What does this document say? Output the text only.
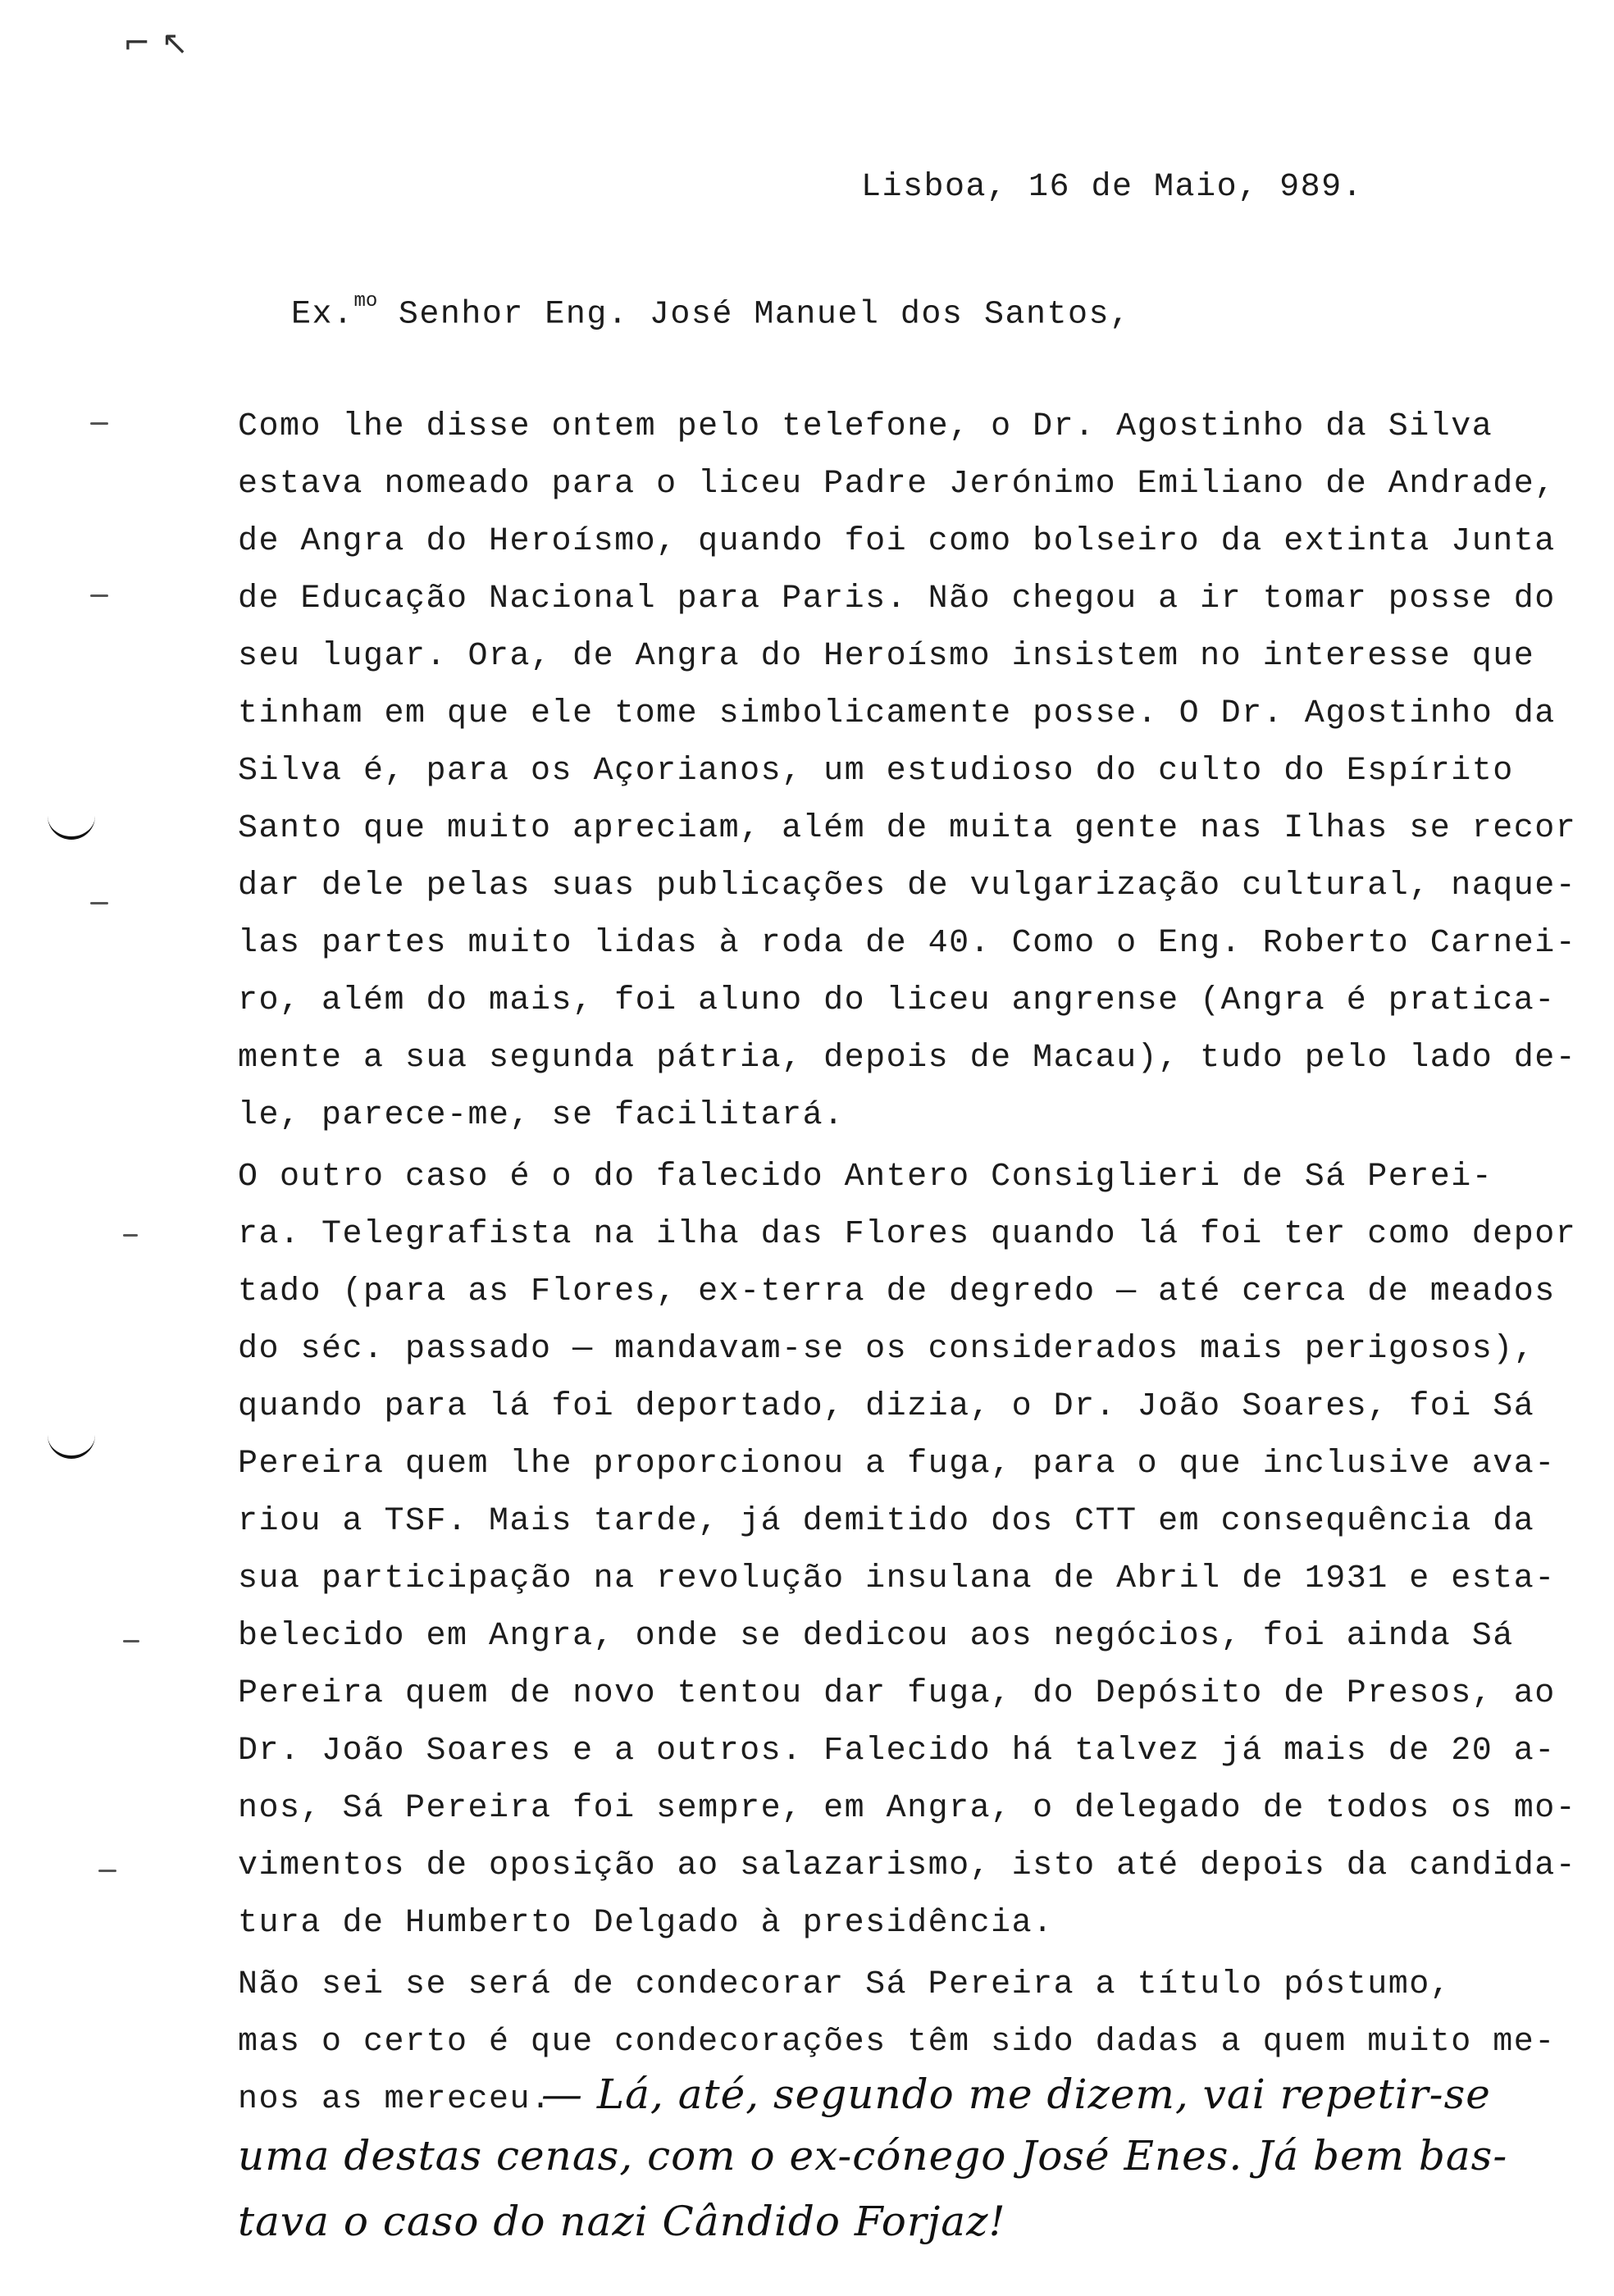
⌐ ↖
Lisboa, 16 de Maio, 989.
Ex.$^{mo}$ Senhor Eng. José Manuel dos Santos,
Como lhe disse ontem pelo telefone, o Dr. Agostinho da Silva
estava nomeado para o liceu Padre Jerónimo Emiliano de Andrade,
de Angra do Heroísmo, quando foi como bolseiro da extinta Junta
de Educação Nacional para Paris. Não chegou a ir tomar posse do
seu lugar. Ora, de Angra do Heroísmo insistem no interesse que
tinham em que ele tome simbolicamente posse. O Dr. Agostinho da
Silva é, para os Açorianos, um estudioso do culto do Espírito
Santo que muito apreciam, além de muita gente nas Ilhas se recor
dar dele pelas suas publicações de vulgarização cultural, naque-
las partes muito lidas à roda de 40. Como o Eng. Roberto Carnei-
ro, além do mais, foi aluno do liceu angrense (Angra é pratica-
mente a sua segunda pátria, depois de Macau), tudo pelo lado de-
le, parece-me, se facilitará.
O outro caso é o do falecido Antero Consiglieri de Sá Perei-
ra. Telegrafista na ilha das Flores quando lá foi ter como depor
tado (para as Flores, ex-terra de degredo — até cerca de meados
do séc. passado — mandavam-se os considerados mais perigosos),
quando para lá foi deportado, dizia, o Dr. João Soares, foi Sá
Pereira quem lhe proporcionou a fuga, para o que inclusive ava-
riou a TSF. Mais tarde, já demitido dos CTT em consequência da
sua participação na revolução insulana de Abril de 1931 e esta-
belecido em Angra, onde se dedicou aos negócios, foi ainda Sá
Pereira quem de novo tentou dar fuga, do Depósito de Presos, ao
Dr. João Soares e a outros. Falecido há talvez já mais de 20 a-
nos, Sá Pereira foi sempre, em Angra, o delegado de todos os mo-
vimentos de oposição ao salazarismo, isto até depois da candida-
tura de Humberto Delgado à presidência.
Não sei se será de condecorar Sá Pereira a título póstumo,
mas o certo é que condecorações têm sido dadas a quem muito me-
nos as mereceu.
— Lá, até, segundo me dizem, vai repetir-se
uma destas cenas, com o ex-cónego José Enes. Já bem bas-
tava o caso do nazi Cândido Forjaz!
